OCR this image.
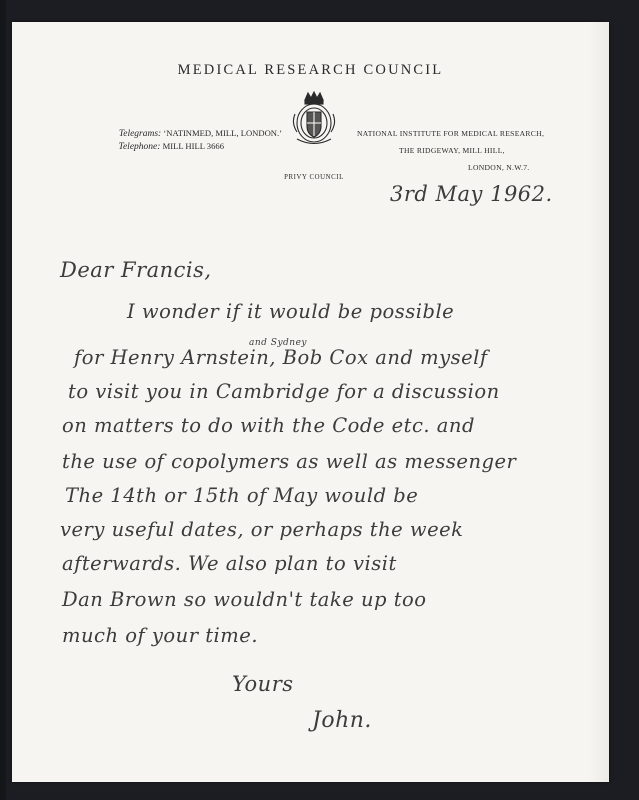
MEDICAL RESEARCH COUNCIL
PRIVY COUNCIL
Telegrams: ‘NATINMED, MILL, LONDON.’
Telephone: MILL HILL 3666
NATIONAL INSTITUTE FOR MEDICAL RESEARCH,
THE RIDGEWAY, MILL HILL,
LONDON, N.W.7.
3rd May 1962.
Dear Francis,
I wonder if it would be possible
and Sydney
for Henry Arnstein, Bob Cox and myself
to visit you in Cambridge for a discussion
on matters to do with the Code etc. and
the use of copolymers as well as messenger
The 14th or 15th of May would be
very useful dates, or perhaps the week
afterwards. We also plan to visit
Dan Brown so wouldn't take up too
much of your time.
Yours
John.
